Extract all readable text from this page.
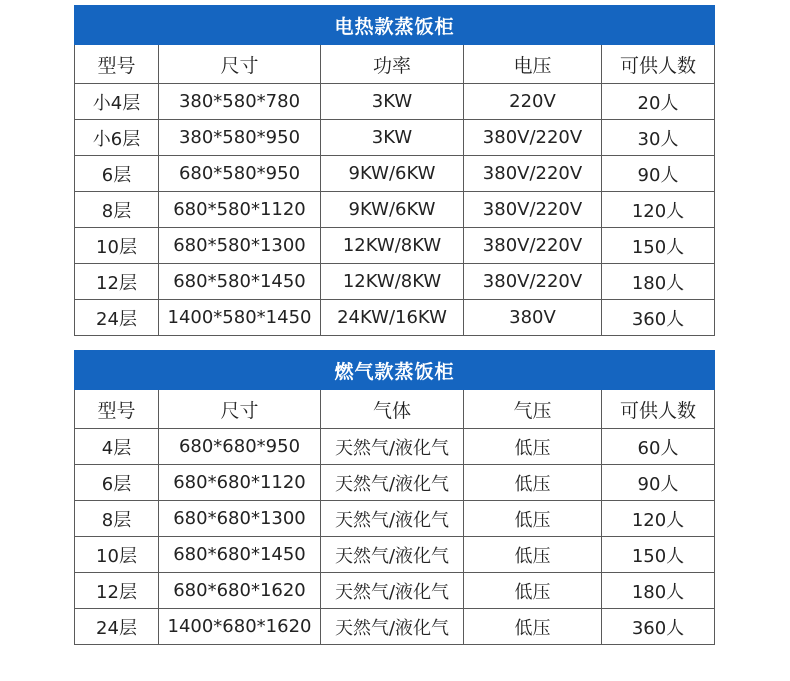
电热款蒸饭柜				
型号	尺寸	功率	电压	可供人数
小4层	380*580*780	3KW	220V	20人
小6层	380*580*950	3KW	380V/220V	30人
6层	680*580*950	9KW/6KW	380V/220V	90人
8层	680*580*1120	9KW/6KW	380V/220V	120人
10层	680*580*1300	12KW/8KW	380V/220V	150人
12层	680*580*1450	12KW/8KW	380V/220V	180人
24层	1400*580*1450	24KW/16KW	380V	360人
燃气款蒸饭柜				
型号	尺寸	气体	气压	可供人数
4层	680*680*950	天然气/液化气	低压	60人
6层	680*680*1120	天然气/液化气	低压	90人
8层	680*680*1300	天然气/液化气	低压	120人
10层	680*680*1450	天然气/液化气	低压	150人
12层	680*680*1620	天然气/液化气	低压	180人
24层	1400*680*1620	天然气/液化气	低压	360人
